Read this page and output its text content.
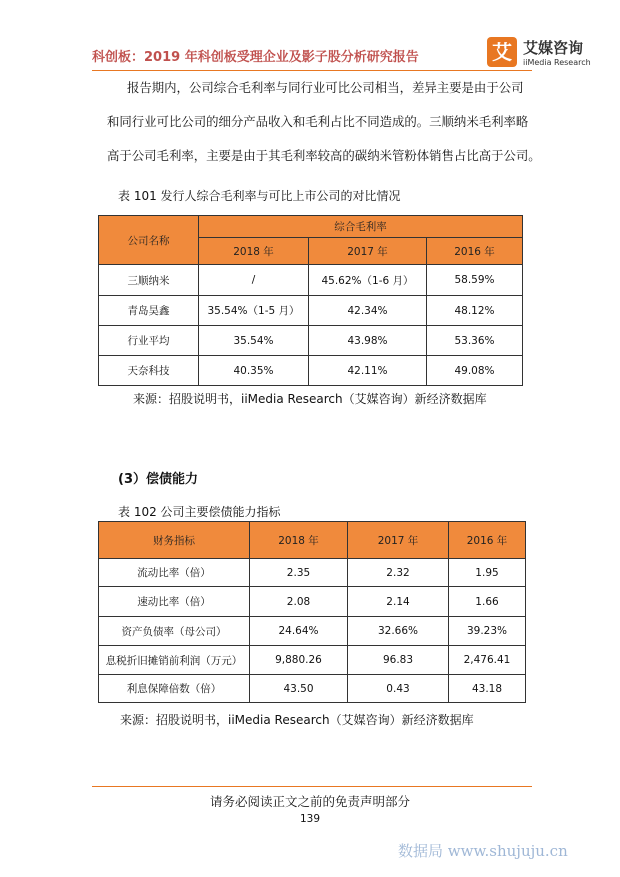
科创板：2019 年科创板受理企业及影子股分析研究报告	艾 艾媒咨询
iiMedia Research
报告期内，公司综合毛利率与同行业可比公司相当，差异主要是由于公司
和同行业可比公司的细分产品收入和毛利占比不同造成的。三顺纳米毛利率略
高于公司毛利率，主要是由于其毛利率较高的碳纳米管粉体销售占比高于公司。
表 101 发行人综合毛利率与可比上市公司的对比情况
公司名称	综合毛利率		
	2018 年	2017 年	2016 年
三顺纳米	/	45.62%（1-6 月）	58.59%
青岛昊鑫	35.54%（1-5 月）	42.34%	48.12%
行业平均	35.54%	43.98%	53.36%
天奈科技	40.35%	42.11%	49.08%
来源：招股说明书，iiMedia Research（艾媒咨询）新经济数据库
(3）偿债能力
表 102 公司主要偿债能力指标
财务指标	2018 年	2017 年	2016 年
流动比率（倍）	2.35	2.32	1.95
速动比率（倍）	2.08	2.14	1.66
资产负债率（母公司）	24.64%	32.66%	39.23%
息税折旧摊销前利润（万元）	9,880.26	96.83	2,476.41
利息保障倍数（倍）	43.50	0.43	43.18
来源：招股说明书，iiMedia Research（艾媒咨询）新经济数据库
请务必阅读正文之前的免责声明部分
139
数据局 www.shujuju.cn
